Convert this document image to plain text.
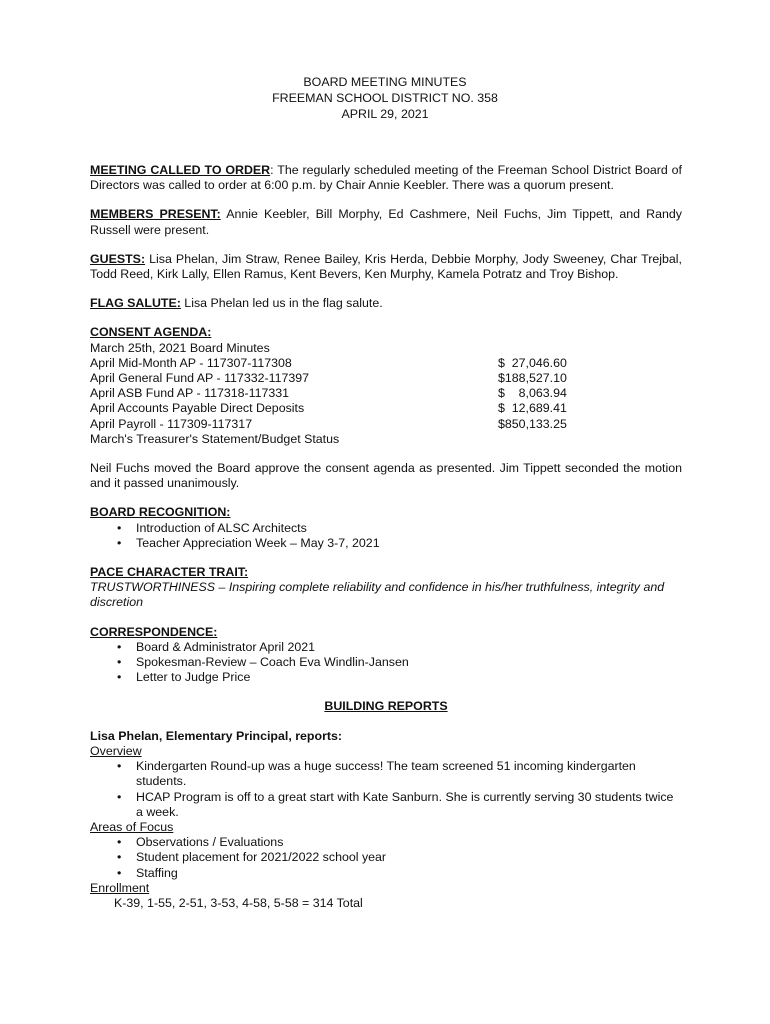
BOARD MEETING MINUTES
FREEMAN SCHOOL DISTRICT NO. 358
APRIL 29, 2021

MEETING CALLED TO ORDER: The regularly scheduled meeting of the Freeman School District Board of Directors was called to order at 6:00 p.m. by Chair Annie Keebler. There was a quorum present.

MEMBERS PRESENT: Annie Keebler, Bill Morphy, Ed Cashmere, Neil Fuchs, Jim Tippett, and Randy Russell were present.

GUESTS: Lisa Phelan, Jim Straw, Renee Bailey, Kris Herda, Debbie Morphy, Jody Sweeney, Char Trejbal, Todd Reed, Kirk Lally, Ellen Ramus, Kent Bevers, Ken Murphy, Kamela Potratz and Troy Bishop.

FLAG SALUTE: Lisa Phelan led us in the flag salute.

CONSENT AGENDA:
March 25th, 2021 Board Minutes	
April Mid-Month AP - 117307-117308	$  27,046.60
April General Fund AP - 117332-117397	$188,527.10
April ASB Fund AP - 117318-117331	$    8,063.94
April Accounts Payable Direct Deposits	$  12,689.41
April Payroll - 117309-117317	$850,133.25
March's Treasurer's Statement/Budget Status	

Neil Fuchs moved the Board approve the consent agenda as presented. Jim Tippett seconded the motion and it passed unanimously.

BOARD RECOGNITION:
• Introduction of ALSC Architects
• Teacher Appreciation Week – May 3-7, 2021
PACE CHARACTER TRAIT:
TRUSTWORTHINESS – Inspiring complete reliability and confidence in his/her truthfulness, integrity and discretion
CORRESPONDENCE:
• Board & Administrator April 2021
• Spokesman-Review – Coach Eva Windlin-Jansen
• Letter to Judge Price
BUILDING REPORTS
Lisa Phelan, Elementary Principal, reports:
Overview
• Kindergarten Round-up was a huge success! The team screened 51 incoming kindergarten students.
• HCAP Program is off to a great start with Kate Sanburn. She is currently serving 30 students twice a week.
Areas of Focus
• Observations / Evaluations
• Student placement for 2021/2022 school year
• Staffing
Enrollment
K-39, 1-55, 2-51, 3-53, 4-58, 5-58 = 314 Total
